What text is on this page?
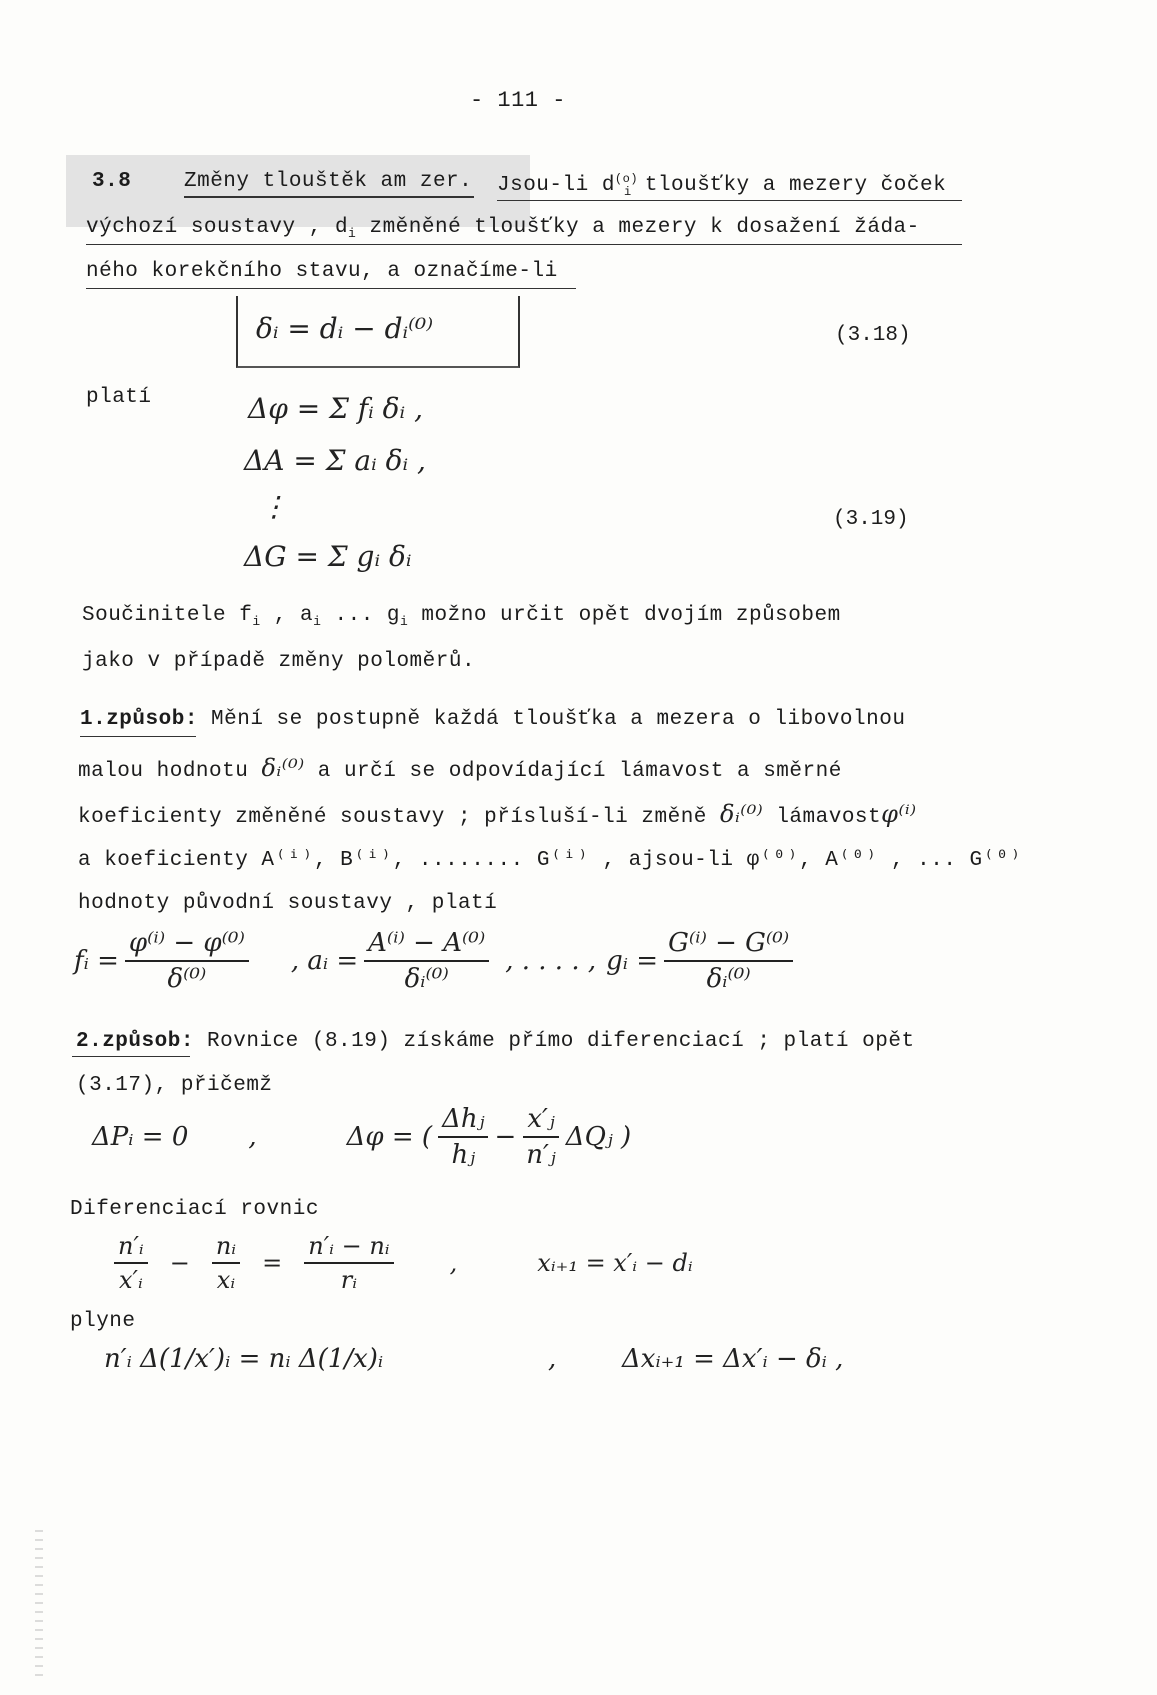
- 111 -
3.8	Změny tlouštěk am zer. Jsou-li $d^{(o)}_i$ tloušťky a mezery čoček
výchozí soustavy , $d_i$ změněné tloušťky a mezery k dosažení žáda-
ného korekčního stavu, a označíme-li
δᵢ = dᵢ − dᵢ⁽⁰⁾	(3.18)
platí	Δφ = Σ fᵢ δᵢ ,
ΔA = Σ aᵢ δᵢ ,
⋮
ΔG = Σ gᵢ δᵢ
(3.19)
Součinitele $f_i$ , $a_i$ ... $g_i$ možno určit opět dvojím způsobem
jako v případě změny poloměrů.
1.způsob: Mění se postupně každá tloušťka a mezera o libovolnou
malou hodnotu δᵢ⁽⁰⁾ a určí se odpovídající lámavost a směrné
koeficienty změněné soustavy ; přísluší-li změně δᵢ⁽⁰⁾ lámavostφ⁽ⁱ⁾
a koeficienty A⁽ⁱ⁾, B⁽ⁱ⁾, ........ G⁽ⁱ⁾ , ajsou-li φ⁽⁰⁾, A⁽⁰⁾ , ... G⁽⁰⁾
hodnoty původní soustavy , platí
fᵢ = $\frac{\text{φ⁽ⁱ⁾ − φ⁽⁰⁾}}{\text{δ⁽⁰⁾}}$ , aᵢ = $\frac{\text{A⁽ⁱ⁾ − A⁽⁰⁾}}{\text{δᵢ⁽⁰⁾}}$ , . . . . , gᵢ = $\frac{\text{G⁽ⁱ⁾ − G⁽⁰⁾}}{\text{δᵢ⁽⁰⁾}}$
2.způsob: Rovnice (8.19) získáme přímo diferenciací ; platí opět
(3.17), přičemž
ΔPᵢ = 0 ,	Δφ = ( $\frac{\text{Δhⱼ}}{\text{hⱼ}} - \frac{\text{x′ⱼ}}{\text{n′ⱼ}}$ ΔQⱼ )
Diferenciací rovnic
$\frac{\text{n′ᵢ}}{\text{x′ᵢ}} - \frac{\text{nᵢ}}{\text{xᵢ}} = \frac{\text{n′ᵢ − nᵢ}}{\text{rᵢ}}$ ,	xᵢ₊₁ = x′ᵢ − dᵢ
plyne
n′ᵢ Δ(1/x′)ᵢ = nᵢ Δ(1/x)ᵢ	,	Δxᵢ₊₁ = Δx′ᵢ − δᵢ ,
